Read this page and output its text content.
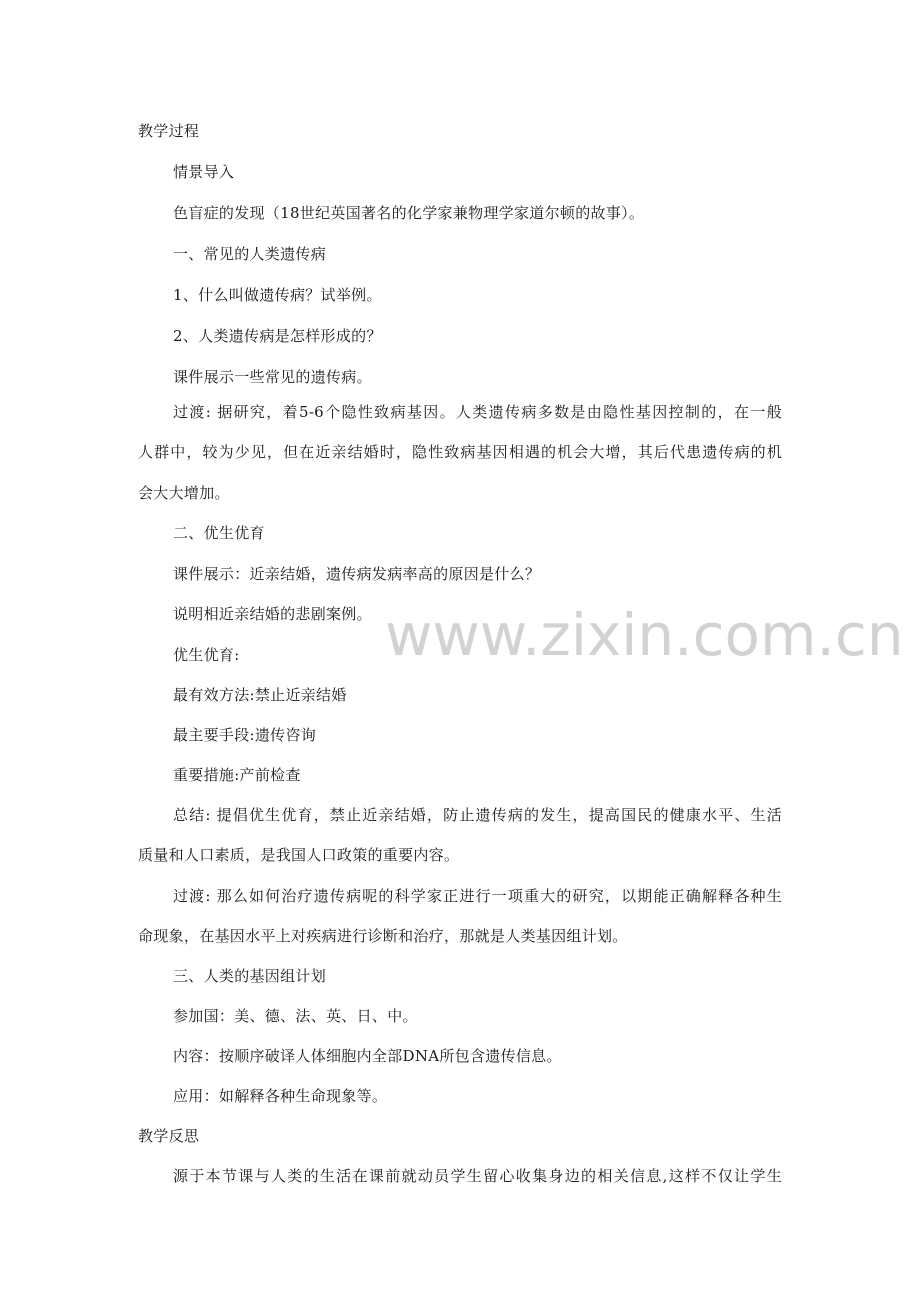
教学过程
情景导入
色盲症的发现（18世纪英国著名的化学家兼物理学家道尔顿的故事）。
一、常见的人类遗传病
1、什么叫做遗传病？试举例。
2、人类遗传病是怎样形成的？
课件展示一些常见的遗传病。
过渡: 据研究，着5-6个隐性致病基因。人类遗传病多数是由隐性基因控制的，在一般
人群中，较为少见，但在近亲结婚时，隐性致病基因相遇的机会大增，其后代患遗传病的机
会大大增加。
二、优生优育
课件展示：近亲结婚，遗传病发病率高的原因是什么？
说明相近亲结婚的悲剧案例。
优生优育:
最有效方法:禁止近亲结婚
最主要手段:遗传咨询
重要措施:产前检查
总结: 提倡优生优育，禁止近亲结婚，防止遗传病的发生，提高国民的健康水平、生活
质量和人口素质，是我国人口政策的重要内容。
过渡: 那么如何治疗遗传病呢的科学家正进行一项重大的研究，以期能正确解释各种生
命现象，在基因水平上对疾病进行诊断和治疗，那就是人类基因组计划。
三、人类的基因组计划
参加国：美、德、法、英、日、中。
内容：按顺序破译人体细胞内全部DNA所包含遗传信息。
应用：如解释各种生命现象等。
教学反思
源于本节课与人类的生活在课前就动员学生留心收集身边的相关信息,这样不仅让学生
www.zixin.com.cn
